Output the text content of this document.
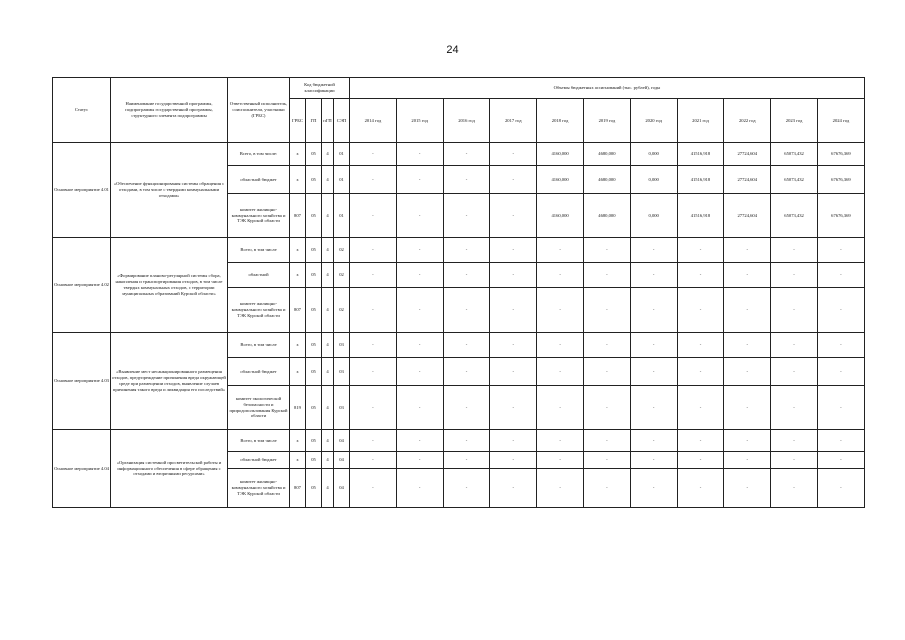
24
Статус	Наименование государственной программы, подпрограммы государственной программы, структурного элемента подпрограммы	Ответственный исполнитель, соисполнители, участники (ГРБС)	Код бюджетной классификации				Объемы бюджетных ассигнований (тыс. рублей), годы										
			ГРБС	ГП	пГП	СЭП	2014 год	2015 год	2016 год	2017 год	2018 год	2019 год	2020 год	2021 год	2022 год	2023 год	2024 год
Основное мероприятие 4.01	«Обеспечение функционирования системы обращения с отходами, в том числе с твердыми коммунальными отходами»	Всего, в том числе:	x	05	4	01	-	-	-	-	4160,000	4680,000	0,000	41516,918	27724,604	65073,432	67676,369
		областной бюджет	x	05	4	01	-	-	-	-	4160,000	4680,000	0,000	41516,918	27724,604	65073,432	67676,369
		комитет жилищно-коммунального хозяйства и ТЭК Курской области	807	05	4	01	-	-	-	-	4160,000	4680,000	0,000	41516,918	27724,604	65073,432	67676,369
Основное мероприятие 4.02	«Формирование планово-регулярной системы сбора, накопления и транспортирования отходов, в том числе твердых коммунальных отходов, с территории муниципальных образований Курской области»	Всего, в том числе	x	05	4	02	-	-	-	-	-	-	-	-	-	-	-
		областной	x	05	4	02	-	-	-	-	-	-	-	-	-	-	-
		комитет жилищно-коммунального хозяйства и ТЭК Курской области	807	05	4	02	-	-	-	-	-	-	-	-	-	-	-
Основное мероприятие 4.03	«Выявление мест несанкционированного размещения отходов, предупреждение причинения вреда окружающей среде при размещении отходов, выявление случаев причинения такого вреда и ликвидация его последствий»	Всего, в том числе	x	05	4	03	-	-	-	-	-	-	-	-	-	-	-
		областной бюджет	x	05	4	03	-	-	-	-	-	-	-	-	-	-	-
		комитет экологической безопасности и природопользования Курской области	819	05	4	03	-	-	-	-	-	-	-	-	-	-	-
Основное мероприятие 4.04	«Организация системной просветительской работы и информационного обеспечения в сфере обращения с отходами и вторичными ресурсами»	Всего, в том числе	x	05	4	04	-	-	-	-	-	-	-	-	-	-	-
		областной бюджет	x	05	4	04	-	-	-	-	-	-	-	-	-	-	-
		комитет жилищно-коммунального хозяйства и ТЭК Курской области	807	05	4	04	-	-	-	-	-	-	-	-	-	-	-
